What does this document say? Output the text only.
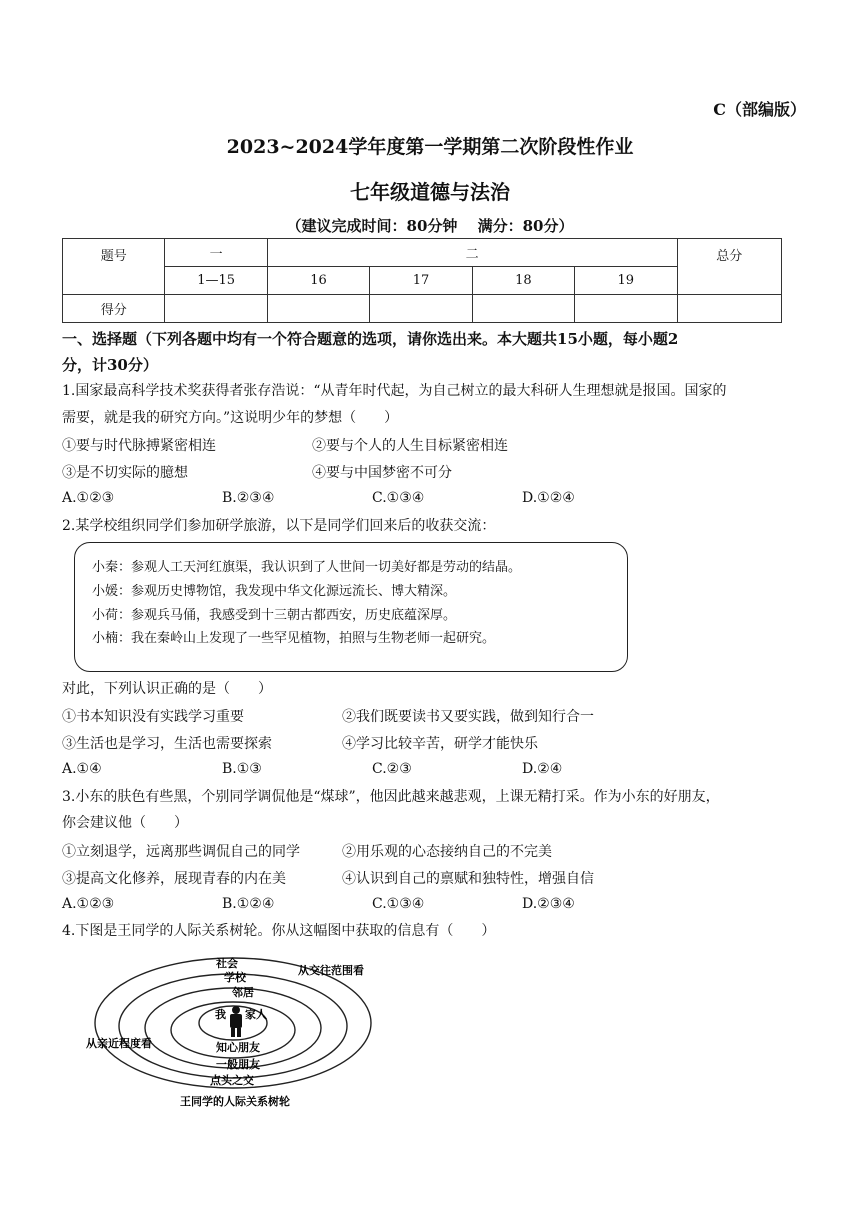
C（部编版）
2023~2024学年度第一学期第二次阶段性作业
七年级道德与法治
（建议完成时间：80分钟　 满分：80分）
题号	一	二				总分
	1—15	16	17	18	19	
得分						
一、选择题（下列各题中均有一个符合题意的选项，请你选出来。本大题共15小题，每小题2
分，计30分）
1.国家最高科学技术奖获得者张存浩说：“从青年时代起，为自己树立的最大科研人生理想就是报国。国家的
需要，就是我的研究方向。”这说明少年的梦想（　　）
①要与时代脉搏紧密相连	②要与个人的人生目标紧密相连
③是不切实际的臆想	④要与中国梦密不可分
A.①②③	B.②③④	C.①③④	D.①②④
2.某学校组织同学们参加研学旅游，以下是同学们回来后的收获交流：
小秦：参观人工天河红旗渠，我认识到了人世间一切美好都是劳动的结晶。
小媛：参观历史博物馆，我发现中华文化源远流长、博大精深。
小荷：参观兵马俑，我感受到十三朝古都西安，历史底蕴深厚。
小楠：我在秦岭山上发现了一些罕见植物，拍照与生物老师一起研究。
对此，下列认识正确的是（　　）
①书本知识没有实践学习重要	②我们既要读书又要实践，做到知行合一
③生活也是学习，生活也需要探索	④学习比较辛苦，研学才能快乐
A.①④	B.①③	C.②③	D.②④
3.小东的肤色有些黑，个别同学调侃他是“煤球”，他因此越来越悲观，上课无精打采。作为小东的好朋友，
你会建议他（　　）
①立刻退学，远离那些调侃自己的同学	②用乐观的心态接纳自己的不完美
③提高文化修养，展现青春的内在美	④认识到自己的禀赋和独特性，增强自信
A.①②③	B.①②④	C.①③④	D.②③④
4.下图是王同学的人际关系树轮。你从这幅图中获取的信息有（　　）
社会
学校
邻居
我 家人
知心朋友
一般朋友
点头之交
从交往范围看
从亲近程度看
王同学的人际关系树轮
